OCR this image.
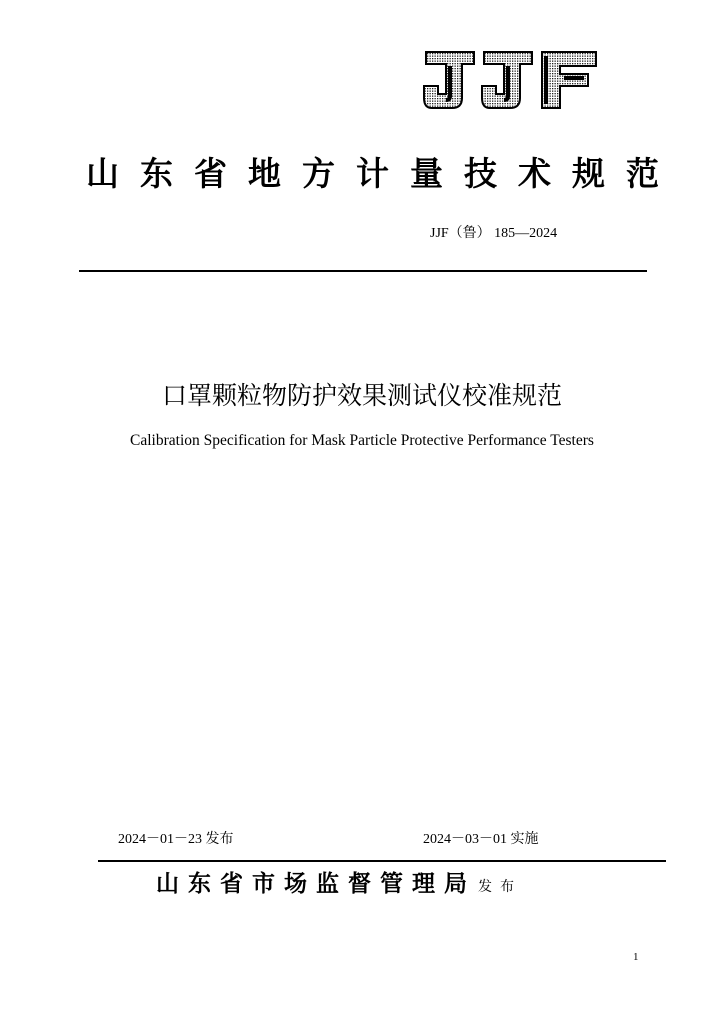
山东省地方计量技术规范
JJF（鲁） 185—2024
口罩颗粒物防护效果测试仪校准规范
Calibration Specification for Mask Particle Protective Performance Testers
2024－01－23 发布	2024－03－01 实施
山东省市场监督管理局 发布
1
